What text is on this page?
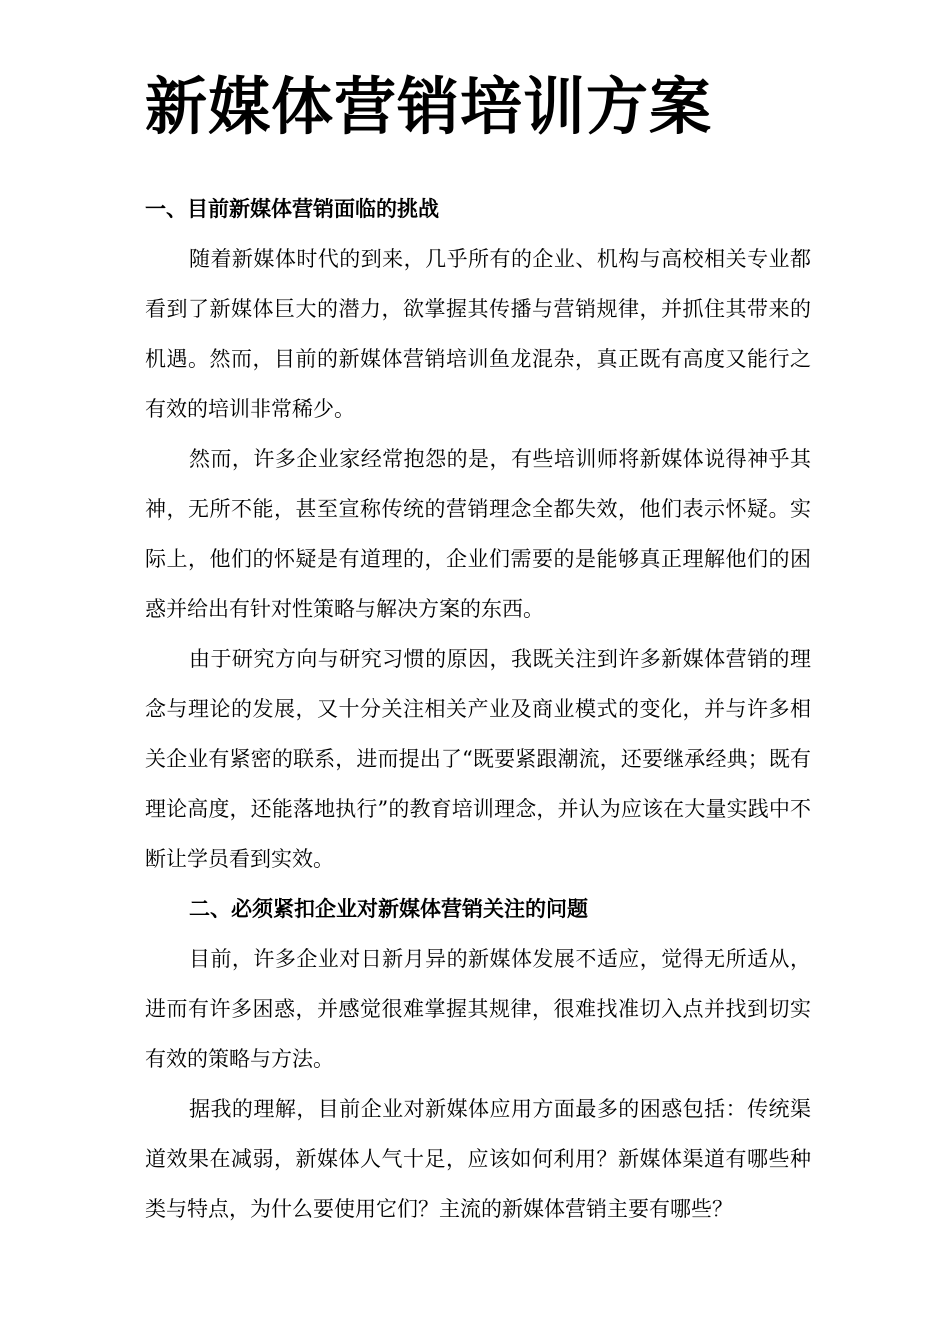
新媒体营销培训方案
一、目前新媒体营销面临的挑战

随着新媒体时代的到来，几乎所有的企业、机构与高校相关专业都看到了新媒体巨大的潜力，欲掌握其传播与营销规律，并抓住其带来的机遇。然而，目前的新媒体营销培训鱼龙混杂，真正既有高度又能行之有效的培训非常稀少。

然而，许多企业家经常抱怨的是，有些培训师将新媒体说得神乎其神，无所不能，甚至宣称传统的营销理念全都失效，他们表示怀疑。实际上，他们的怀疑是有道理的，企业们需要的是能够真正理解他们的困惑并给出有针对性策略与解决方案的东西。

由于研究方向与研究习惯的原因，我既关注到许多新媒体营销的理念与理论的发展，又十分关注相关产业及商业模式的变化，并与许多相关企业有紧密的联系，进而提出了“既要紧跟潮流，还要继承经典；既有理论高度，还能落地执行”的教育培训理念，并认为应该在大量实践中不断让学员看到实效。

二、必须紧扣企业对新媒体营销关注的问题

目前，许多企业对日新月异的新媒体发展不适应，觉得无所适从，进而有许多困惑，并感觉很难掌握其规律，很难找准切入点并找到切实有效的策略与方法。

据我的理解，目前企业对新媒体应用方面最多的困惑包括：传统渠道效果在减弱，新媒体人气十足，应该如何利用？新媒体渠道有哪些种类与特点，为什么要使用它们？主流的新媒体营销主要有哪些？
